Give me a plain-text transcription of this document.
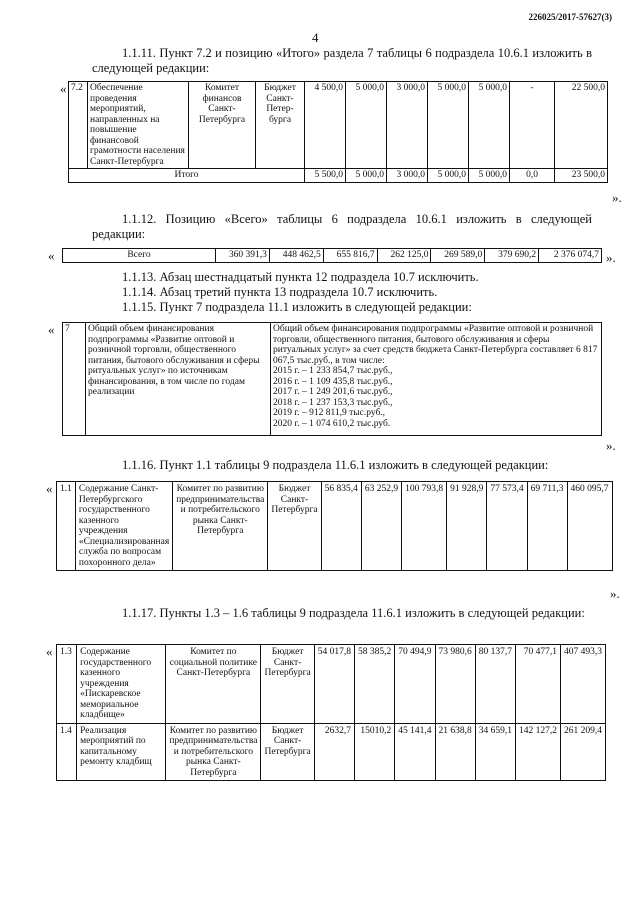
226025/2017-57627(3)
4
1.1.11. Пункт 7.2 и позицию «Итого» раздела 7 таблицы 6 подраздела 10.6.1 изложить в следующей редакции:
« 7.2	Обеспечение проведения мероприятий, направленных на повышение финансовой грамотности населения Санкт-Петербурга	Комитет финансов Санкт-Петербурга	Бюджет Санкт-Петер-бурга	4 500,0	5 000,0	3 000,0	5 000,0	5 000,0	-	22 500,0
Итого				5 500,0	5 000,0	3 000,0	5 000,0	5 000,0	0,0	23 500,0
».
1.1.12. Позицию «Всего» таблицы 6 подраздела 10.6.1 изложить в следующей редакции:
«	Всего	360 391,3	448 462,5	655 816,7	262 125,0	269 589,0	379 690,2	2 376 074,7 ».
1.1.13. Абзац шестнадцатый пункта 12 подраздела 10.7 исключить.
1.1.14. Абзац третий пункта 13 подраздела 10.7 исключить.
1.1.15. Пункт 7 подраздела 11.1 изложить в следующей редакции:
« 7	Общий объем финансирования подпрограммы «Развитие оптовой и розничной торговли, общественного питания, бытового обслуживания и сферы ритуальных услуг» по источникам финансирования, в том числе по годам реализации	
Общий объем финансирования подпрограммы «Развитие оптовой и розничной торговли, общественного питания, бытового обслуживания и сферы ритуальных услуг» за счет средств бюджета Санкт-Петербурга составляет 6 817 067,5 тыс.руб., в том числе:
2015 г. – 1 233 854,7 тыс.руб.,
2016 г. – 1 109 435,8 тыс.руб.,
2017 г. – 1 249 201,6 тыс.руб.,
2018 г. – 1 237 153,3 тыс.руб.,
2019 г. – 912 811,9 тыс.руб.,
2020 г. – 1 074 610,2 тыс.руб.
».
1.1.16. Пункт 1.1 таблицы 9 подраздела 11.6.1 изложить в следующей редакции:
« 1.1	Содержание Санкт-Петербургского государственного казенного учреждения «Специализированная служба по вопросам похоронного дела»	Комитет по развитию предпринимательства и потребительского рынка Санкт-Петербурга	Бюджет Санкт-Петербурга	56 835,4	63 252,9	100 793,8	91 928,9	77 573,4	69 711,3	460 095,7
».
1.1.17. Пункты 1.3 – 1.6 таблицы 9 подраздела 11.6.1 изложить в следующей редакции:
« 1.3	Содержание государственного казенного учреждения «Пискаревское мемориальное кладбище»	Комитет по социальной политике Санкт-Петербурга	Бюджет Санкт-Петербурга	54 017,8	58 385,2	70 494,9	73 980,6	80 137,7	70 477,1	407 493,3
1.4	Реализация мероприятий по капитальному ремонту кладбищ	Комитет по развитию предпринимательства и потребительского рынка Санкт-Петербурга	Бюджет Санкт-Петербурга	2632,7	15010,2	45 141,4	21 638,8	34 659,1	142 127,2	261 209,4
